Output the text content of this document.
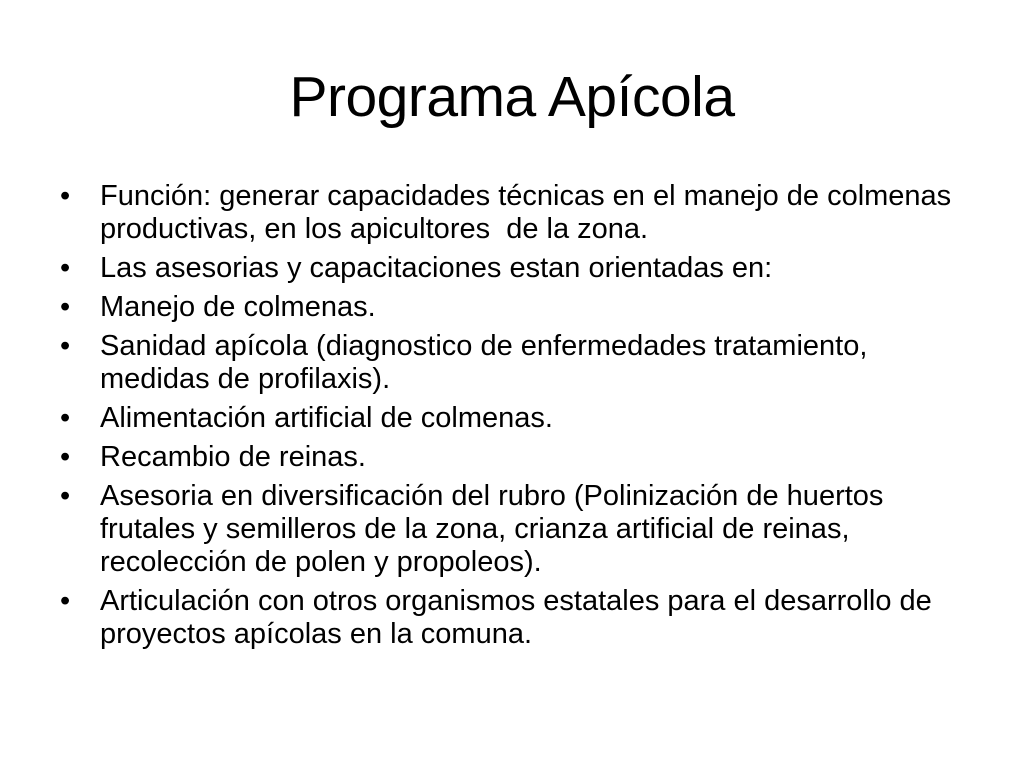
Programa Apícola
•	Función: generar capacidades técnicas en el manejo de colmenas productivas, en los apicultores  de la zona.
•	Las asesorias y capacitaciones estan orientadas en:
•	Manejo de colmenas.
•	Sanidad apícola (diagnostico de enfermedades tratamiento, medidas de profilaxis).
•	Alimentación artificial de colmenas.
•	Recambio de reinas.
•	Asesoria en diversificación del rubro (Polinización de huertos frutales y semilleros de la zona, crianza artificial de reinas, recolección de polen y propoleos).
•	Articulación con otros organismos estatales para el desarrollo de proyectos apícolas en la comuna.
